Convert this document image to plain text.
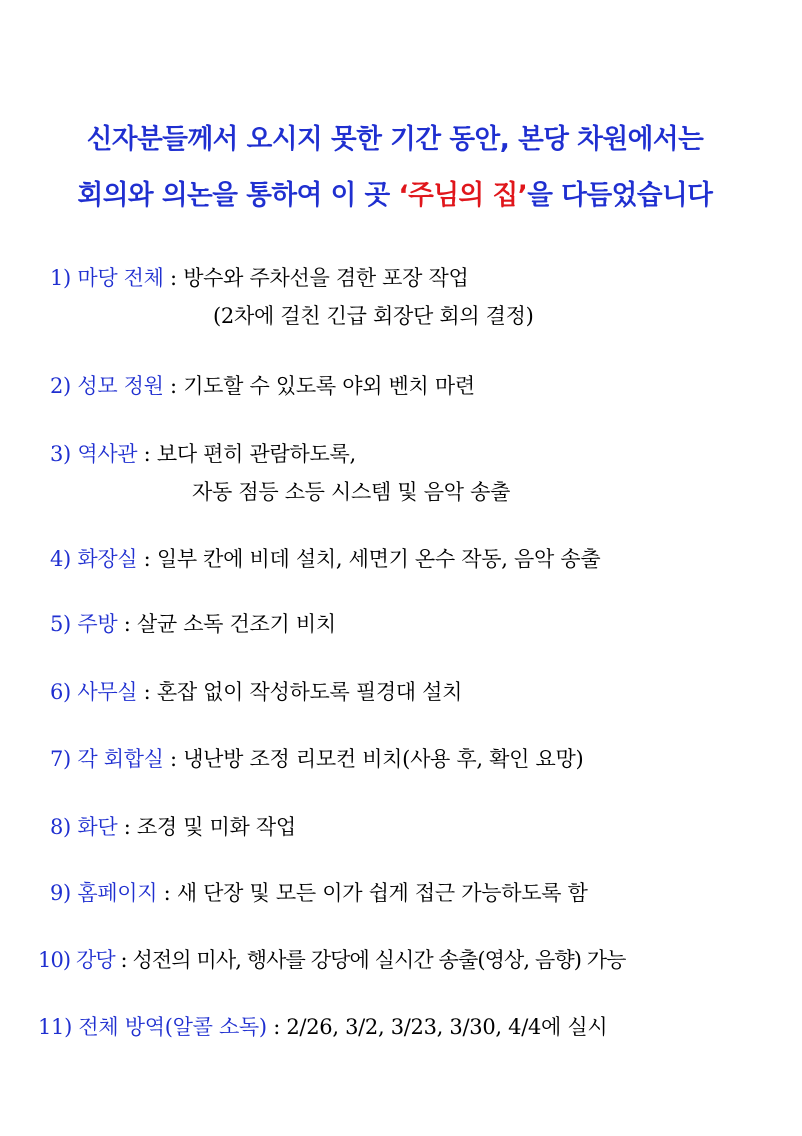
신자분들께서 오시지 못한 기간 동안, 본당 차원에서는
회의와 의논을 통하여 이 곳 ‘주님의 집’을 다듬었습니다
1) 마당 전체 : 방수와 주차선을 겸한 포장 작업
(2차에 걸친 긴급 회장단 회의 결정)
2) 성모 정원 : 기도할 수 있도록 야외 벤치 마련
3) 역사관 : 보다 편히 관람하도록,
자동 점등 소등 시스템 및 음악 송출
4) 화장실 : 일부 칸에 비데 설치, 세면기 온수 작동, 음악 송출
5) 주방 : 살균 소독 건조기 비치
6) 사무실 : 혼잡 없이 작성하도록 필경대 설치
7) 각 회합실 : 냉난방 조정 리모컨 비치(사용 후, 확인 요망)
8) 화단 : 조경 및 미화 작업
9) 홈페이지 : 새 단장 및 모든 이가 쉽게 접근 가능하도록 함
10) 강당 : 성전의 미사, 행사를 강당에 실시간 송출(영상, 음향) 가능
11) 전체 방역(알콜 소독) : 2/26, 3/2, 3/23, 3/30, 4/4에 실시
